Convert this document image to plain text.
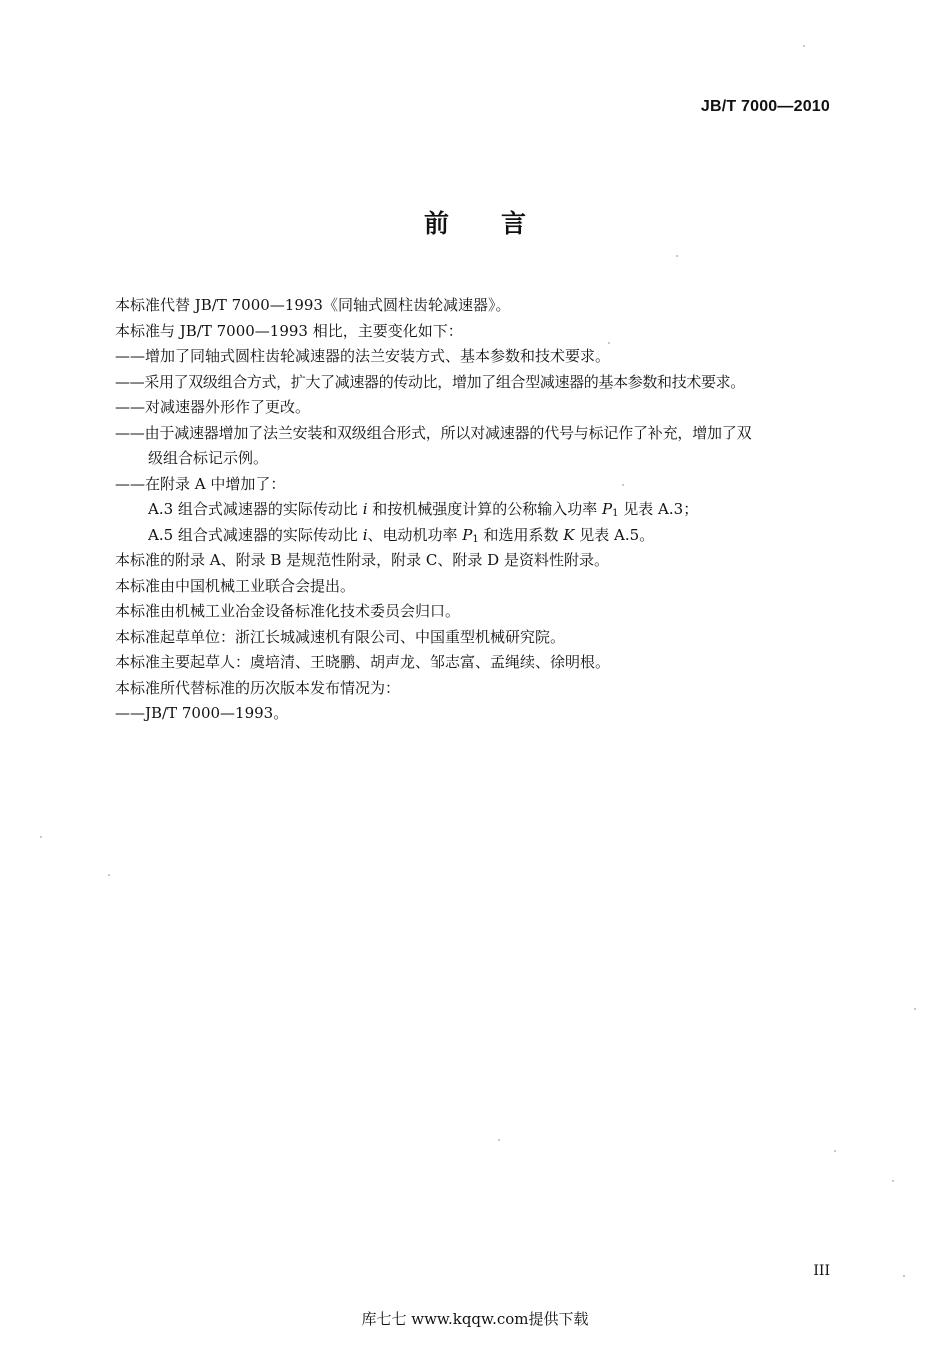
JB/T 7000—2010
前言
本标准代替 JB/T 7000—1993《同轴式圆柱齿轮减速器》。
本标准与 JB/T 7000—1993 相比，主要变化如下：
——增加了同轴式圆柱齿轮减速器的法兰安装方式、基本参数和技术要求。
——采用了双级组合方式，扩大了减速器的传动比，增加了组合型减速器的基本参数和技术要求。
——对减速器外形作了更改。
——由于减速器增加了法兰安装和双级组合形式，所以对减速器的代号与标记作了补充，增加了双
级组合标记示例。
——在附录 A 中增加了：
A.3 组合式减速器的实际传动比 i 和按机械强度计算的公称输入功率 $P_1$ 见表 A.3；
A.5 组合式减速器的实际传动比 i、电动机功率 $P_1$ 和选用系数 K 见表 A.5。
本标准的附录 A、附录 B 是规范性附录，附录 C、附录 D 是资料性附录。
本标准由中国机械工业联合会提出。
本标准由机械工业冶金设备标准化技术委员会归口。
本标准起草单位：浙江长城减速机有限公司、中国重型机械研究院。
本标准主要起草人：虞培清、王晓鹏、胡声龙、邹志富、孟绳续、徐明根。
本标准所代替标准的历次版本发布情况为：
——JB/T 7000—1993。
III
库七七 www.kqqw.com提供下载
